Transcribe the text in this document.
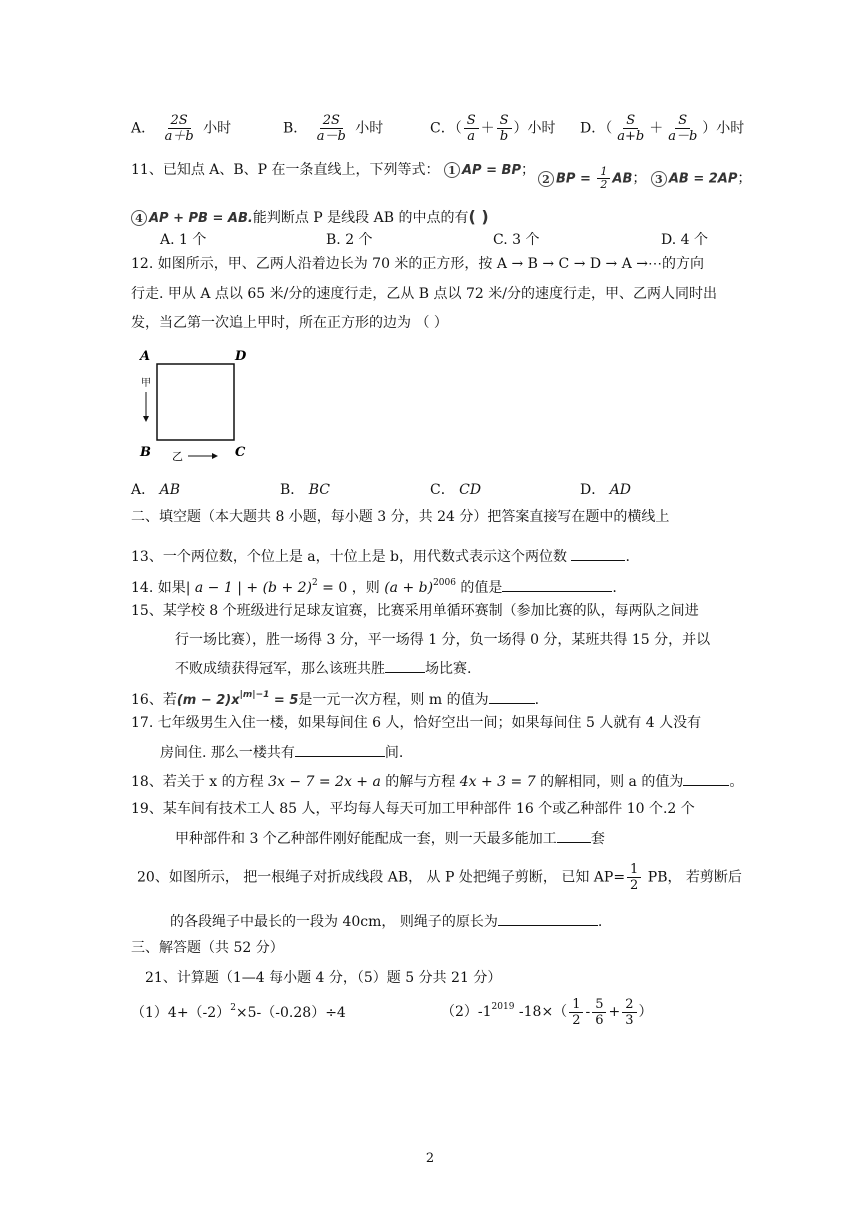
A． $\frac{2S}{a+b}$ 小时	B． $\frac{2S}{a-b}$ 小时	C．（ $\frac{S}{a} + \frac{S}{b}$ ）小时 D．（ $\frac{S}{a+b} + \frac{S}{a-b}$ ）小时
11、已知点 A、B、P 在一条直线上，下列等式： 1 AP = BP；
2 BP = $\frac{1}{2}$ AB； 3 AB = 2AP；
4 AP + PB = AB.能判断点 P 是线段 AB 的中点的有( )
A. 1 个	B. 2 个	C. 3 个	D. 4 个
12. 如图所示，甲、乙两人沿着边长为 70 米的正方形，按 A → B → C → D → A →⋯的方向
行走. 甲从 A 点以 65 米/分的速度行走，乙从 B 点以 72 米/分的速度行走，甲、乙两人同时出
发，当乙第一次追上甲时，所在正方形的边为 （ ）
A	D
B	C
甲
乙
A． AB	B． BC	C． CD	D． AD
二、填空题（本大题共 8 小题，每小题 3 分，共 24 分）把答案直接写在题中的横线上
13、一个两位数，个位上是 a，十位上是 b，用代数式表示这个两位数	.
14. 如果| a − 1 | + $(b + 2)^2 = 0$ ，则 $(a + b)^{2006}$ 的值是	.
15、某学校 8 个班级进行足球友谊赛，比赛采用单循环赛制（参加比赛的队，每两队之间进
行一场比赛），胜一场得 3 分，平一场得 1 分，负一场得 0 分，某班共得 15 分，并以
不败成绩获得冠军，那么该班共胜	场比赛.
16、若$(m - 2)x^{|m|-1} = 5$是一元一次方程，则 m 的值为	.
17. 七年级男生入住一楼，如果每间住 6 人，恰好空出一间；如果每间住 5 人就有 4 人没有
房间住. 那么一楼共有	间.
18、若关于 x 的方程 3x − 7 = 2x + a 的解与方程 4x + 3 = 7 的解相同，则 a 的值为	。
19、某车间有技术工人 85 人，平均每人每天可加工甲种部件 16 个或乙种部件 10 个.2 个
甲种部件和 3 个乙种部件刚好能配成一套，则一天最多能加工 套
20、如图所示， 把一根绳子对折成线段 AB， 从 P 处把绳子剪断， 已知 $AP= \frac{1}{2}$ PB， 若剪断后
的各段绳子中最长的一段为 40cm， 则绳子的原长为	.
三、解答题（共 52 分）
21、计算题（1—4 每小题 4 分，（5）题 5 分共 21 分）
$(1)4+(-2)^2\times 5-(-0.28)\div 4$	$(2)-1^{2019}$ $-18\times( \frac{1}{2} - \frac{5}{6} + \frac{2}{3}$ ）
2
